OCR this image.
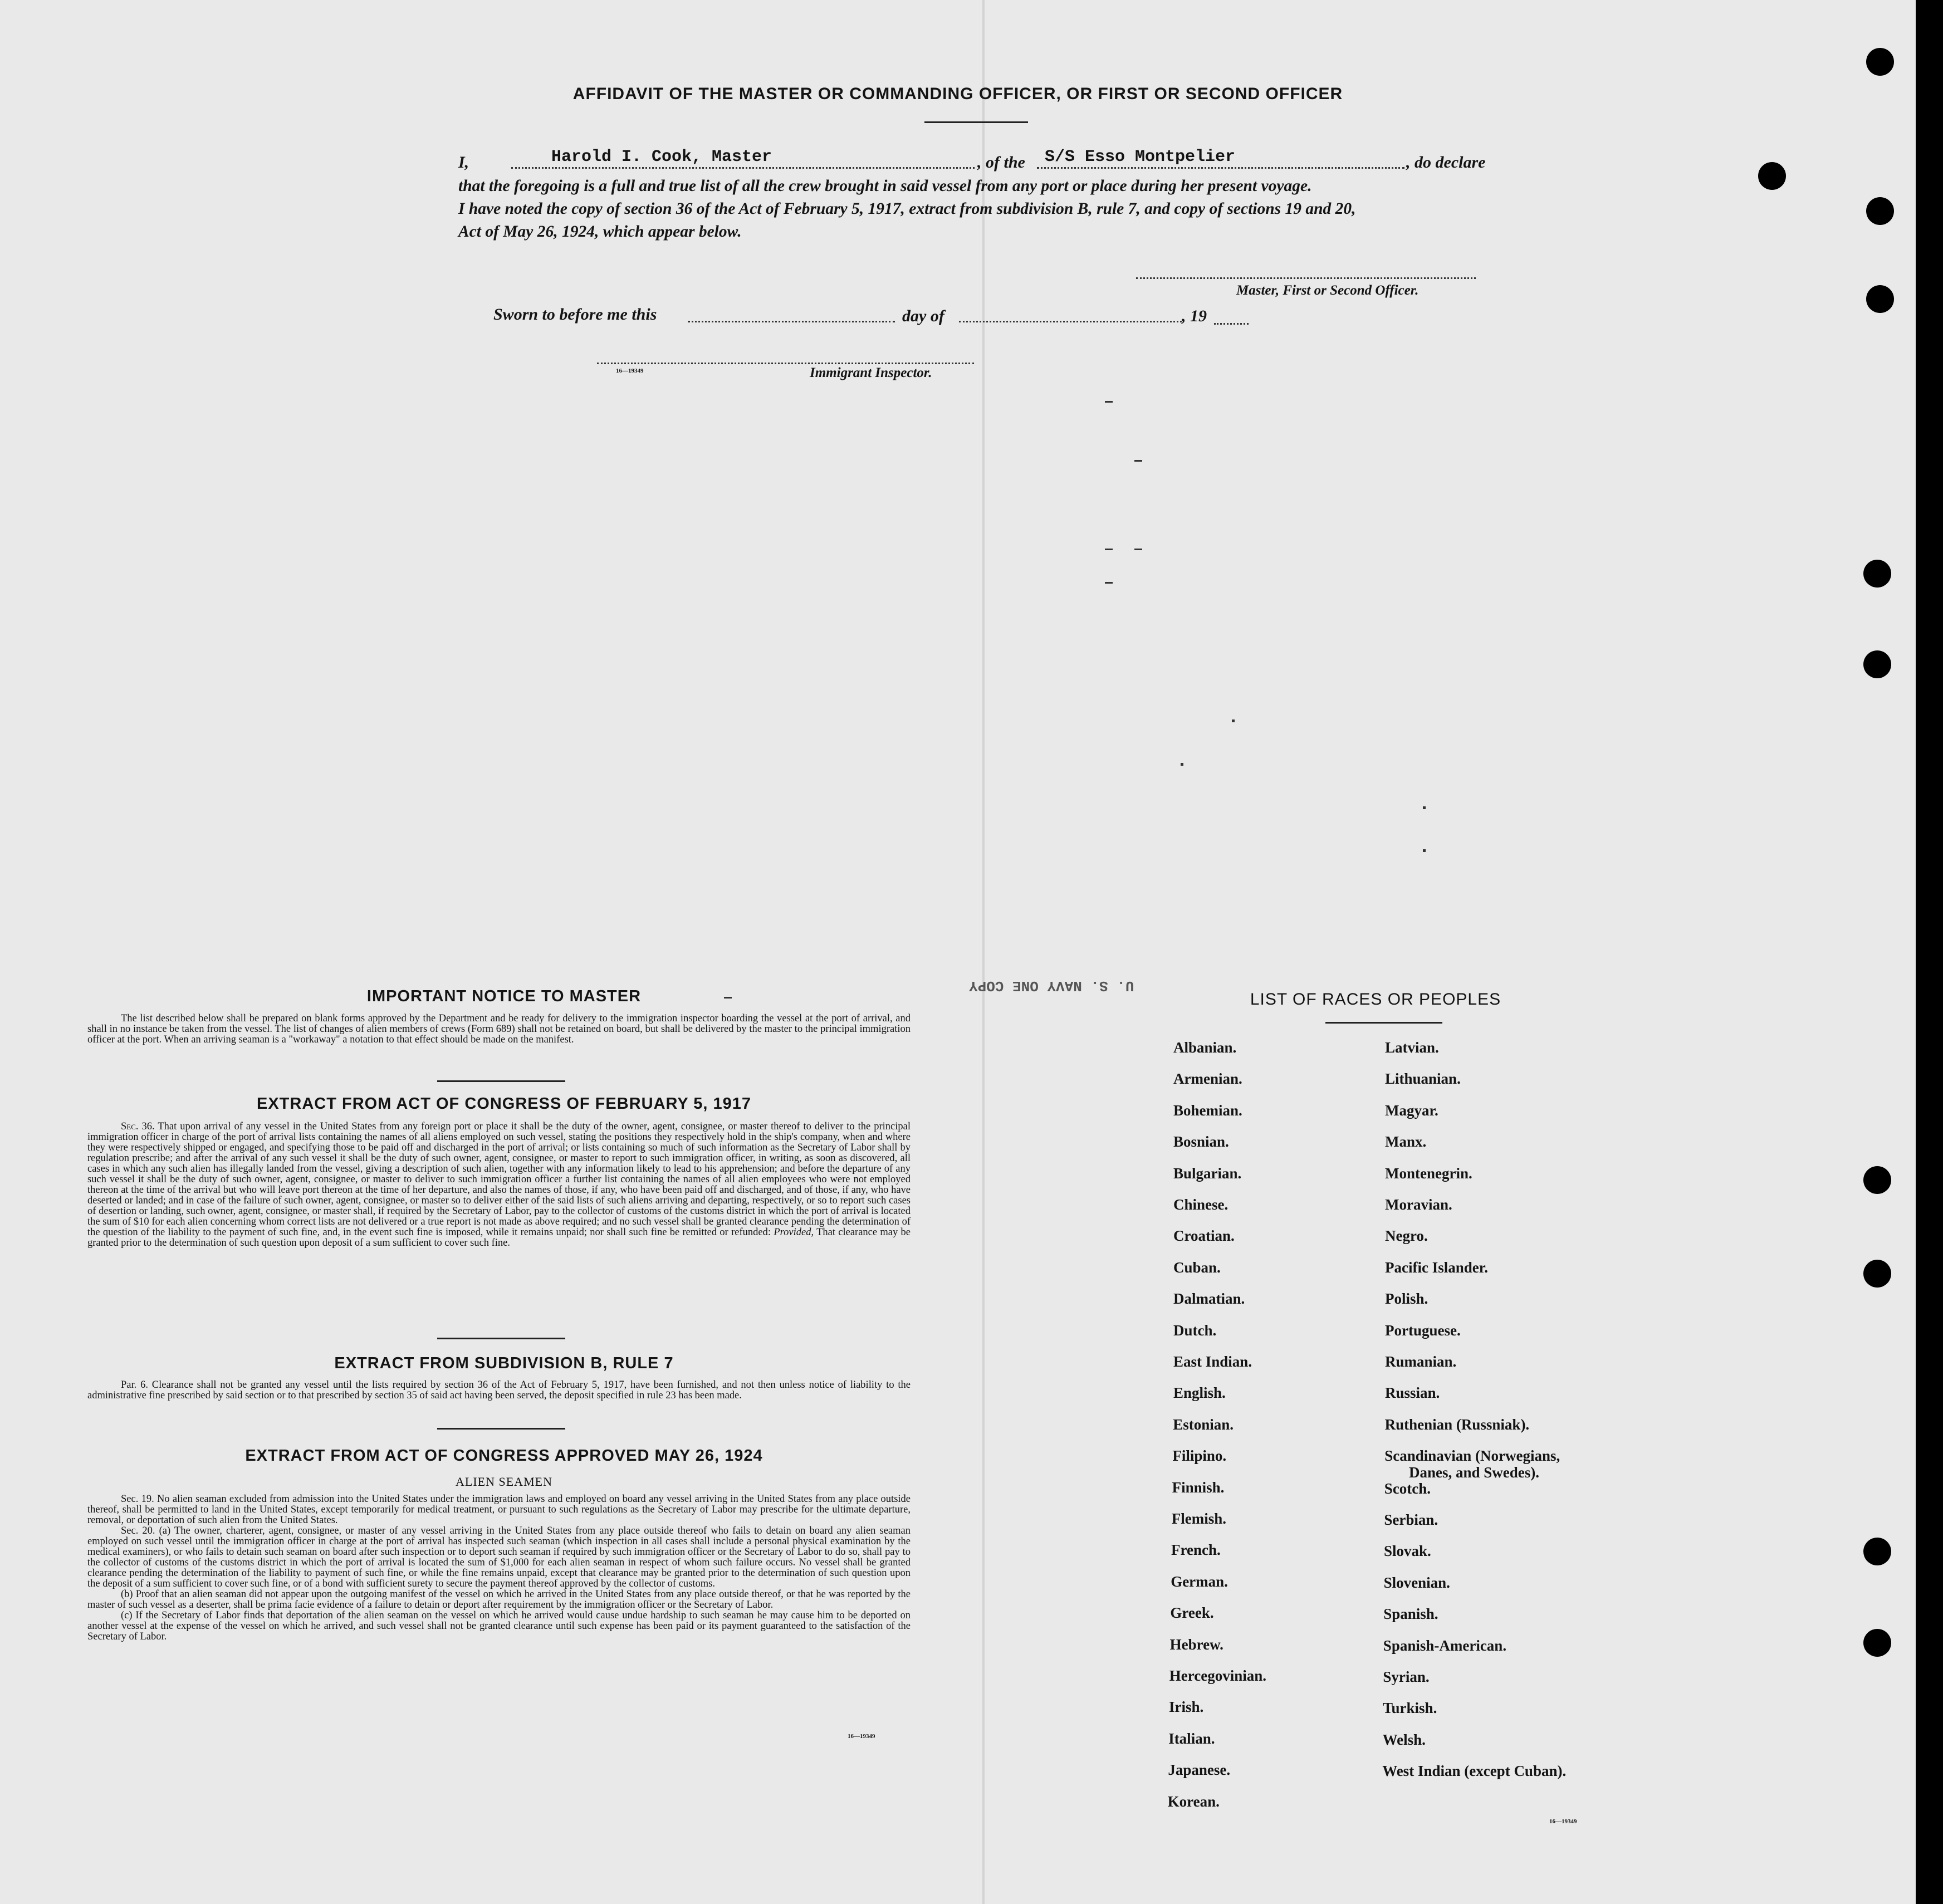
AFFIDAVIT OF THE MASTER OR COMMANDING OFFICER, OR FIRST OR SECOND OFFICER
I,	Harold I. Cook, Master	, of the S/S Esso Montpelier	, do declare
that the foregoing is a full and true list of all the crew brought in said vessel from any port or place during her present voyage.
I have noted the copy of section 36 of the Act of February 5, 1917, extract from subdivision B, rule 7, and copy of sections 19 and 20,
Act of May 26, 1924, which appear below.
Master, First or Second Officer.
Sworn to before me this	day of	, 19
16—19349	Immigrant Inspector.
U. S. NAVY ONE COPY
IMPORTANT NOTICE TO MASTER

The list described below shall be prepared on blank forms approved by the Department and be ready for delivery to the immigration inspector boarding the vessel at the port of arrival, and shall in no instance be taken from the vessel. The list of changes of alien members of crews (Form 689) shall not be retained on board, but shall be delivered by the master to the principal immigration officer at the port. When an arriving seaman is a "workaway" a notation to that effect should be made on the manifest.

EXTRACT FROM ACT OF CONGRESS OF FEBRUARY 5, 1917

Sec. 36. That upon arrival of any vessel in the United States from any foreign port or place it shall be the duty of the owner, agent, consignee, or master thereof to deliver to the principal immigration officer in charge of the port of arrival lists containing the names of all aliens employed on such vessel, stating the positions they respectively hold in the ship's company, when and where they were respectively shipped or engaged, and specifying those to be paid off and discharged in the port of arrival; or lists containing so much of such information as the Secretary of Labor shall by regulation prescribe; and after the arrival of any such vessel it shall be the duty of such owner, agent, consignee, or master to report to such immigration officer, in writing, as soon as discovered, all cases in which any such alien has illegally landed from the vessel, giving a description of such alien, together with any information likely to lead to his apprehension; and before the departure of any such vessel it shall be the duty of such owner, agent, consignee, or master to deliver to such immigration officer a further list containing the names of all alien employees who were not employed thereon at the time of the arrival but who will leave port thereon at the time of her departure, and also the names of those, if any, who have been paid off and discharged, and of those, if any, who have deserted or landed; and in case of the failure of such owner, agent, consignee, or master so to deliver either of the said lists of such aliens arriving and departing, respectively, or so to report such cases of desertion or landing, such owner, agent, consignee, or master shall, if required by the Secretary of Labor, pay to the collector of customs of the customs district in which the port of arrival is located the sum of $10 for each alien concerning whom correct lists are not delivered or a true report is not made as above required; and no such vessel shall be granted clearance pending the determination of the question of the liability to the payment of such fine, and, in the event such fine is imposed, while it remains unpaid; nor shall such fine be remitted or refunded: Provided, That clearance may be granted prior to the determination of such question upon deposit of a sum sufficient to cover such fine.

EXTRACT FROM SUBDIVISION B, RULE 7

Par. 6. Clearance shall not be granted any vessel until the lists required by section 36 of the Act of February 5, 1917, have been furnished, and not then unless notice of liability to the administrative fine prescribed by said section or to that prescribed by section 35 of said act having been served, the deposit specified in rule 23 has been made.

EXTRACT FROM ACT OF CONGRESS APPROVED MAY 26, 1924
ALIEN SEAMEN

Sec. 19. No alien seaman excluded from admission into the United States under the immigration laws and employed on board any vessel arriving in the United States from any place outside thereof, shall be permitted to land in the United States, except temporarily for medical treatment, or pursuant to such regulations as the Secretary of Labor may prescribe for the ultimate departure, removal, or deportation of such alien from the United States.

Sec. 20. (a) The owner, charterer, agent, consignee, or master of any vessel arriving in the United States from any place outside thereof who fails to detain on board any alien seaman employed on such vessel until the immigration officer in charge at the port of arrival has inspected such seaman (which inspection in all cases shall include a personal physical examination by the medical examiners), or who fails to detain such seaman on board after such inspection or to deport such seaman if required by such immigration officer or the Secretary of Labor to do so, shall pay to the collector of customs of the customs district in which the port of arrival is located the sum of $1,000 for each alien seaman in respect of whom such failure occurs. No vessel shall be granted clearance pending the determination of the liability to payment of such fine, or while the fine remains unpaid, except that clearance may be granted prior to the determination of such question upon the deposit of a sum sufficient to cover such fine, or of a bond with sufficient surety to secure the payment thereof approved by the collector of customs.

(b) Proof that an alien seaman did not appear upon the outgoing manifest of the vessel on which he arrived in the United States from any place outside thereof, or that he was reported by the master of such vessel as a deserter, shall be prima facie evidence of a failure to detain or deport after requirement by the immigration officer or the Secretary of Labor.

(c) If the Secretary of Labor finds that deportation of the alien seaman on the vessel on which he arrived would cause undue hardship to such seaman he may cause him to be deported on another vessel at the expense of the vessel on which he arrived, and such vessel shall not be granted clearance until such expense has been paid or its payment guaranteed to the satisfaction of the Secretary of Labor.

16—19349
LIST OF RACES OR PEOPLES
Albanian.
Armenian.
Bohemian.
Bosnian.
Bulgarian.
Chinese.
Croatian.
Cuban.
Dalmatian.
Dutch.
East Indian.
English.
Estonian.
Filipino.
Finnish.
Flemish.
French.
German.
Greek.
Hebrew.
Hercegovinian.
Irish.
Italian.
Japanese.
Korean.
Latvian.
Lithuanian.
Magyar.
Manx.
Montenegrin.
Moravian.
Negro.
Pacific Islander.
Polish.
Portuguese.
Rumanian.
Russian.
Ruthenian (Russniak).
Scandinavian (Norwegians,
Danes, and Swedes).
Scotch.
Serbian.
Slovak.
Slovenian.
Spanish.
Spanish-American.
Syrian.
Turkish.
Welsh.
West Indian (except Cuban).
16—19349
